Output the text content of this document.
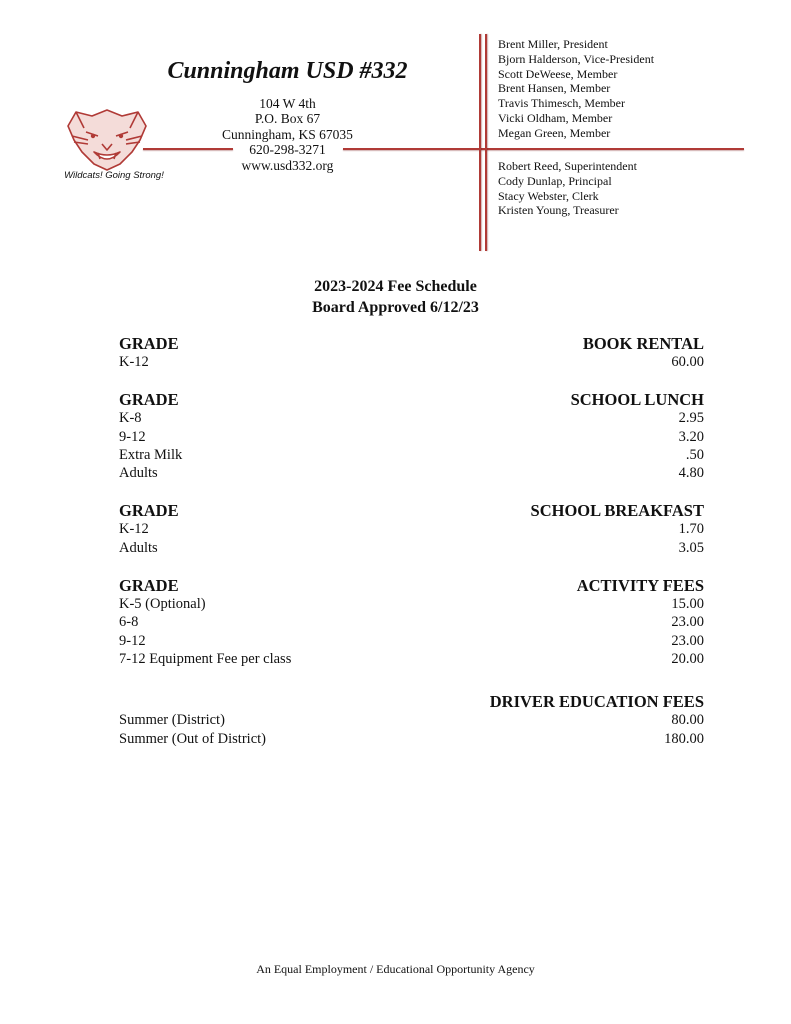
Cunningham USD #332
104 W 4th
P.O. Box 67
Cunningham, KS 67035
620-298-3271
www.usd332.org
Wildcats! Going Strong!
Brent Miller, President
Bjorn Halderson, Vice-President
Scott DeWeese, Member
Brent Hansen, Member
Travis Thimesch, Member
Vicki Oldham, Member
Megan Green, Member
Robert Reed, Superintendent
Cody Dunlap, Principal
Stacy Webster, Clerk
Kristen Young, Treasurer
2023-2024 Fee Schedule
Board Approved 6/12/23
GRADE	BOOK RENTAL
K-12	60.00
GRADE	SCHOOL LUNCH
K-8	2.95
9-12	3.20
Extra Milk	.50
Adults	4.80
GRADE	SCHOOL BREAKFAST
K-12	1.70
Adults	3.05
GRADE	ACTIVITY FEES
K-5 (Optional)	15.00
6-8	23.00
9-12	23.00
7-12 Equipment Fee per class	20.00
DRIVER EDUCATION FEES
Summer (District)	80.00
Summer (Out of District)	180.00
An Equal Employment / Educational Opportunity Agency
